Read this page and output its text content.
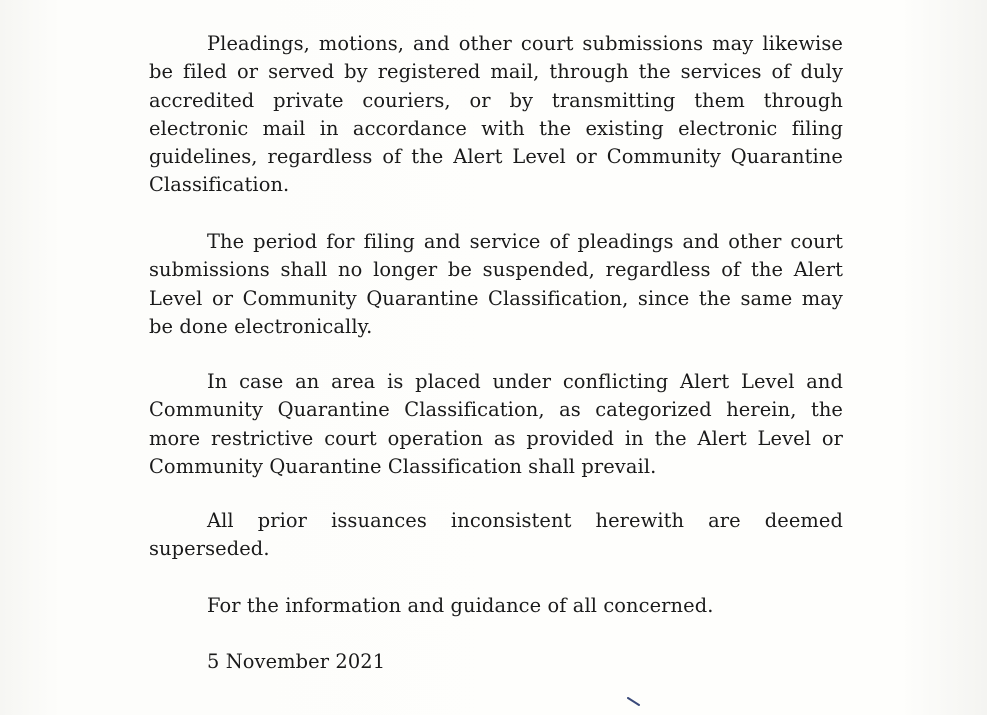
Pleadings, motions, and other court submissions may likewise be filed or served by registered mail, through the services of duly accredited private couriers, or by transmitting them through electronic mail in accordance with the existing electronic filing guidelines, regardless of the Alert Level or Community Quarantine Classification.

The period for filing and service of pleadings and other court submissions shall no longer be suspended, regardless of the Alert Level or Community Quarantine Classification, since the same may be done electronically.

In case an area is placed under conflicting Alert Level and Community Quarantine Classification, as categorized herein, the more restrictive court operation as provided in the Alert Level or Community Quarantine Classification shall prevail.

All prior issuances inconsistent herewith are deemed superseded.

For the information and guidance of all concerned.

5 November 2021
